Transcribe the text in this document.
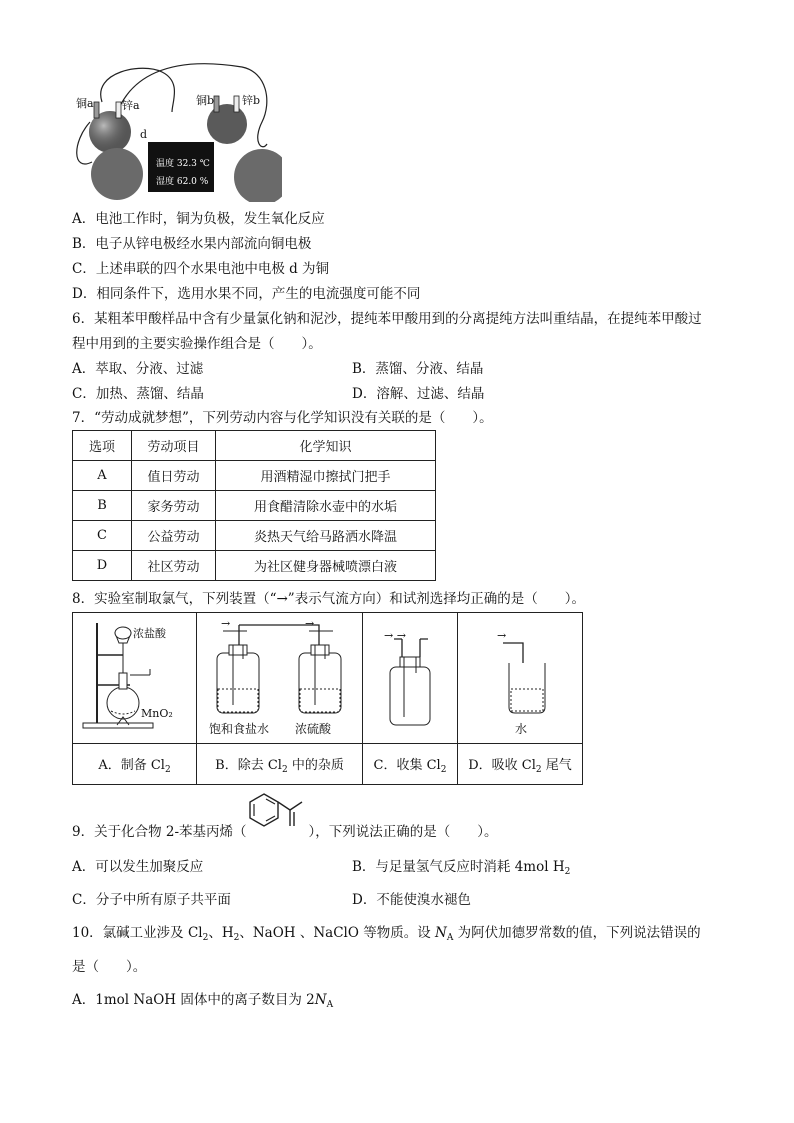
温度 32.3 ℃
湿度 62.0 %
铜a	锌a	铜b	锌b
d
A．电池工作时，铜为负极，发生氧化反应
B．电子从锌电极经水果内部流向铜电极
C．上述串联的四个水果电池中电极 d 为铜
D．相同条件下，选用水果不同，产生的电流强度可能不同
6．某粗苯甲酸样品中含有少量氯化钠和泥沙，提纯苯甲酸用到的分离提纯方法叫重结晶，在提纯苯甲酸过
程中用到的主要实验操作组合是（　　）。
A．萃取、分液、过滤	B．蒸馏、分液、结晶
C．加热、蒸馏、结晶	D．溶解、过滤、结晶
7．“劳动成就梦想”，下列劳动内容与化学知识没有关联的是（　　）。
选项	劳动项目	化学知识
A	值日劳动	用酒精湿巾擦拭门把手
B	家务劳动	用食醋清除水壶中的水垢
C	公益劳动	炎热天气给马路洒水降温
D	社区劳动	为社区健身器械喷漂白液
8．实验室制取氯气，下列装置（“→”表示气流方向）和试剂选择均正确的是（　　）。
浓盐酸
MnO₂	→ →
饱和食盐水 浓硫酸	→ →	→
水

A．制备 $Cl_2$	B．除去 $Cl_2$ 中的杂质	C．收集 $Cl_2$	D．吸收 $Cl_2$ 尾气
9．关于化合物 2-苯基丙烯（	），下列说法正确的是（　　）。
A．可以发生加聚反应	B．与足量氢气反应时消耗 4mol $H_2$
C．分子中所有原子共平面	D．不能使溴水褪色
10．氯碱工业涉及 $Cl_2$、$H_2$、NaOH 、NaClO 等物质。设 $N_A$ 为阿伏加德罗常数的值，下列说法错误的
是（　　）。
A．1mol NaOH 固体中的离子数目为 $2N_A$
